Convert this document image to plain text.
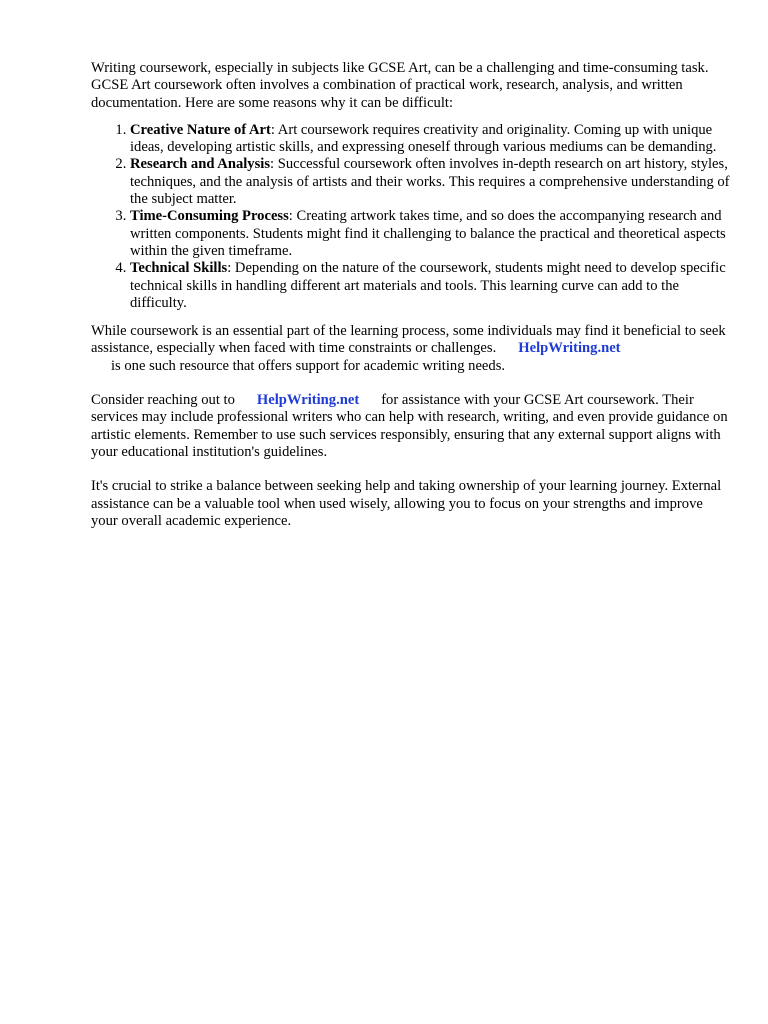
Writing coursework, especially in subjects like GCSE Art, can be a challenging and time-consuming task. GCSE Art coursework often involves a combination of practical work, research, analysis, and written documentation. Here are some reasons why it can be difficult:

1. Creative Nature of Art: Art coursework requires creativity and originality. Coming up with unique ideas, developing artistic skills, and expressing oneself through various mediums can be demanding.
2. Research and Analysis: Successful coursework often involves in-depth research on art history, styles, techniques, and the analysis of artists and their works. This requires a comprehensive understanding of the subject matter.
3. Time-Consuming Process: Creating artwork takes time, and so does the accompanying research and written components. Students might find it challenging to balance the practical and theoretical aspects within the given timeframe.
4. Technical Skills: Depending on the nature of the coursework, students might need to develop specific technical skills in handling different art materials and tools. This learning curve can add to the difficulty.

While coursework is an essential part of the learning process, some individuals may find it beneficial to seek assistance, especially when faced with time constraints or challenges. HelpWriting.net
is one such resource that offers support for academic writing needs.

Consider reaching out to HelpWriting.net for assistance with your GCSE Art coursework. Their services may include professional writers who can help with research, writing, and even provide guidance on artistic elements. Remember to use such services responsibly, ensuring that any external support aligns with your educational institution's guidelines.

It's crucial to strike a balance between seeking help and taking ownership of your learning journey. External assistance can be a valuable tool when used wisely, allowing you to focus on your strengths and improve your overall academic experience.
